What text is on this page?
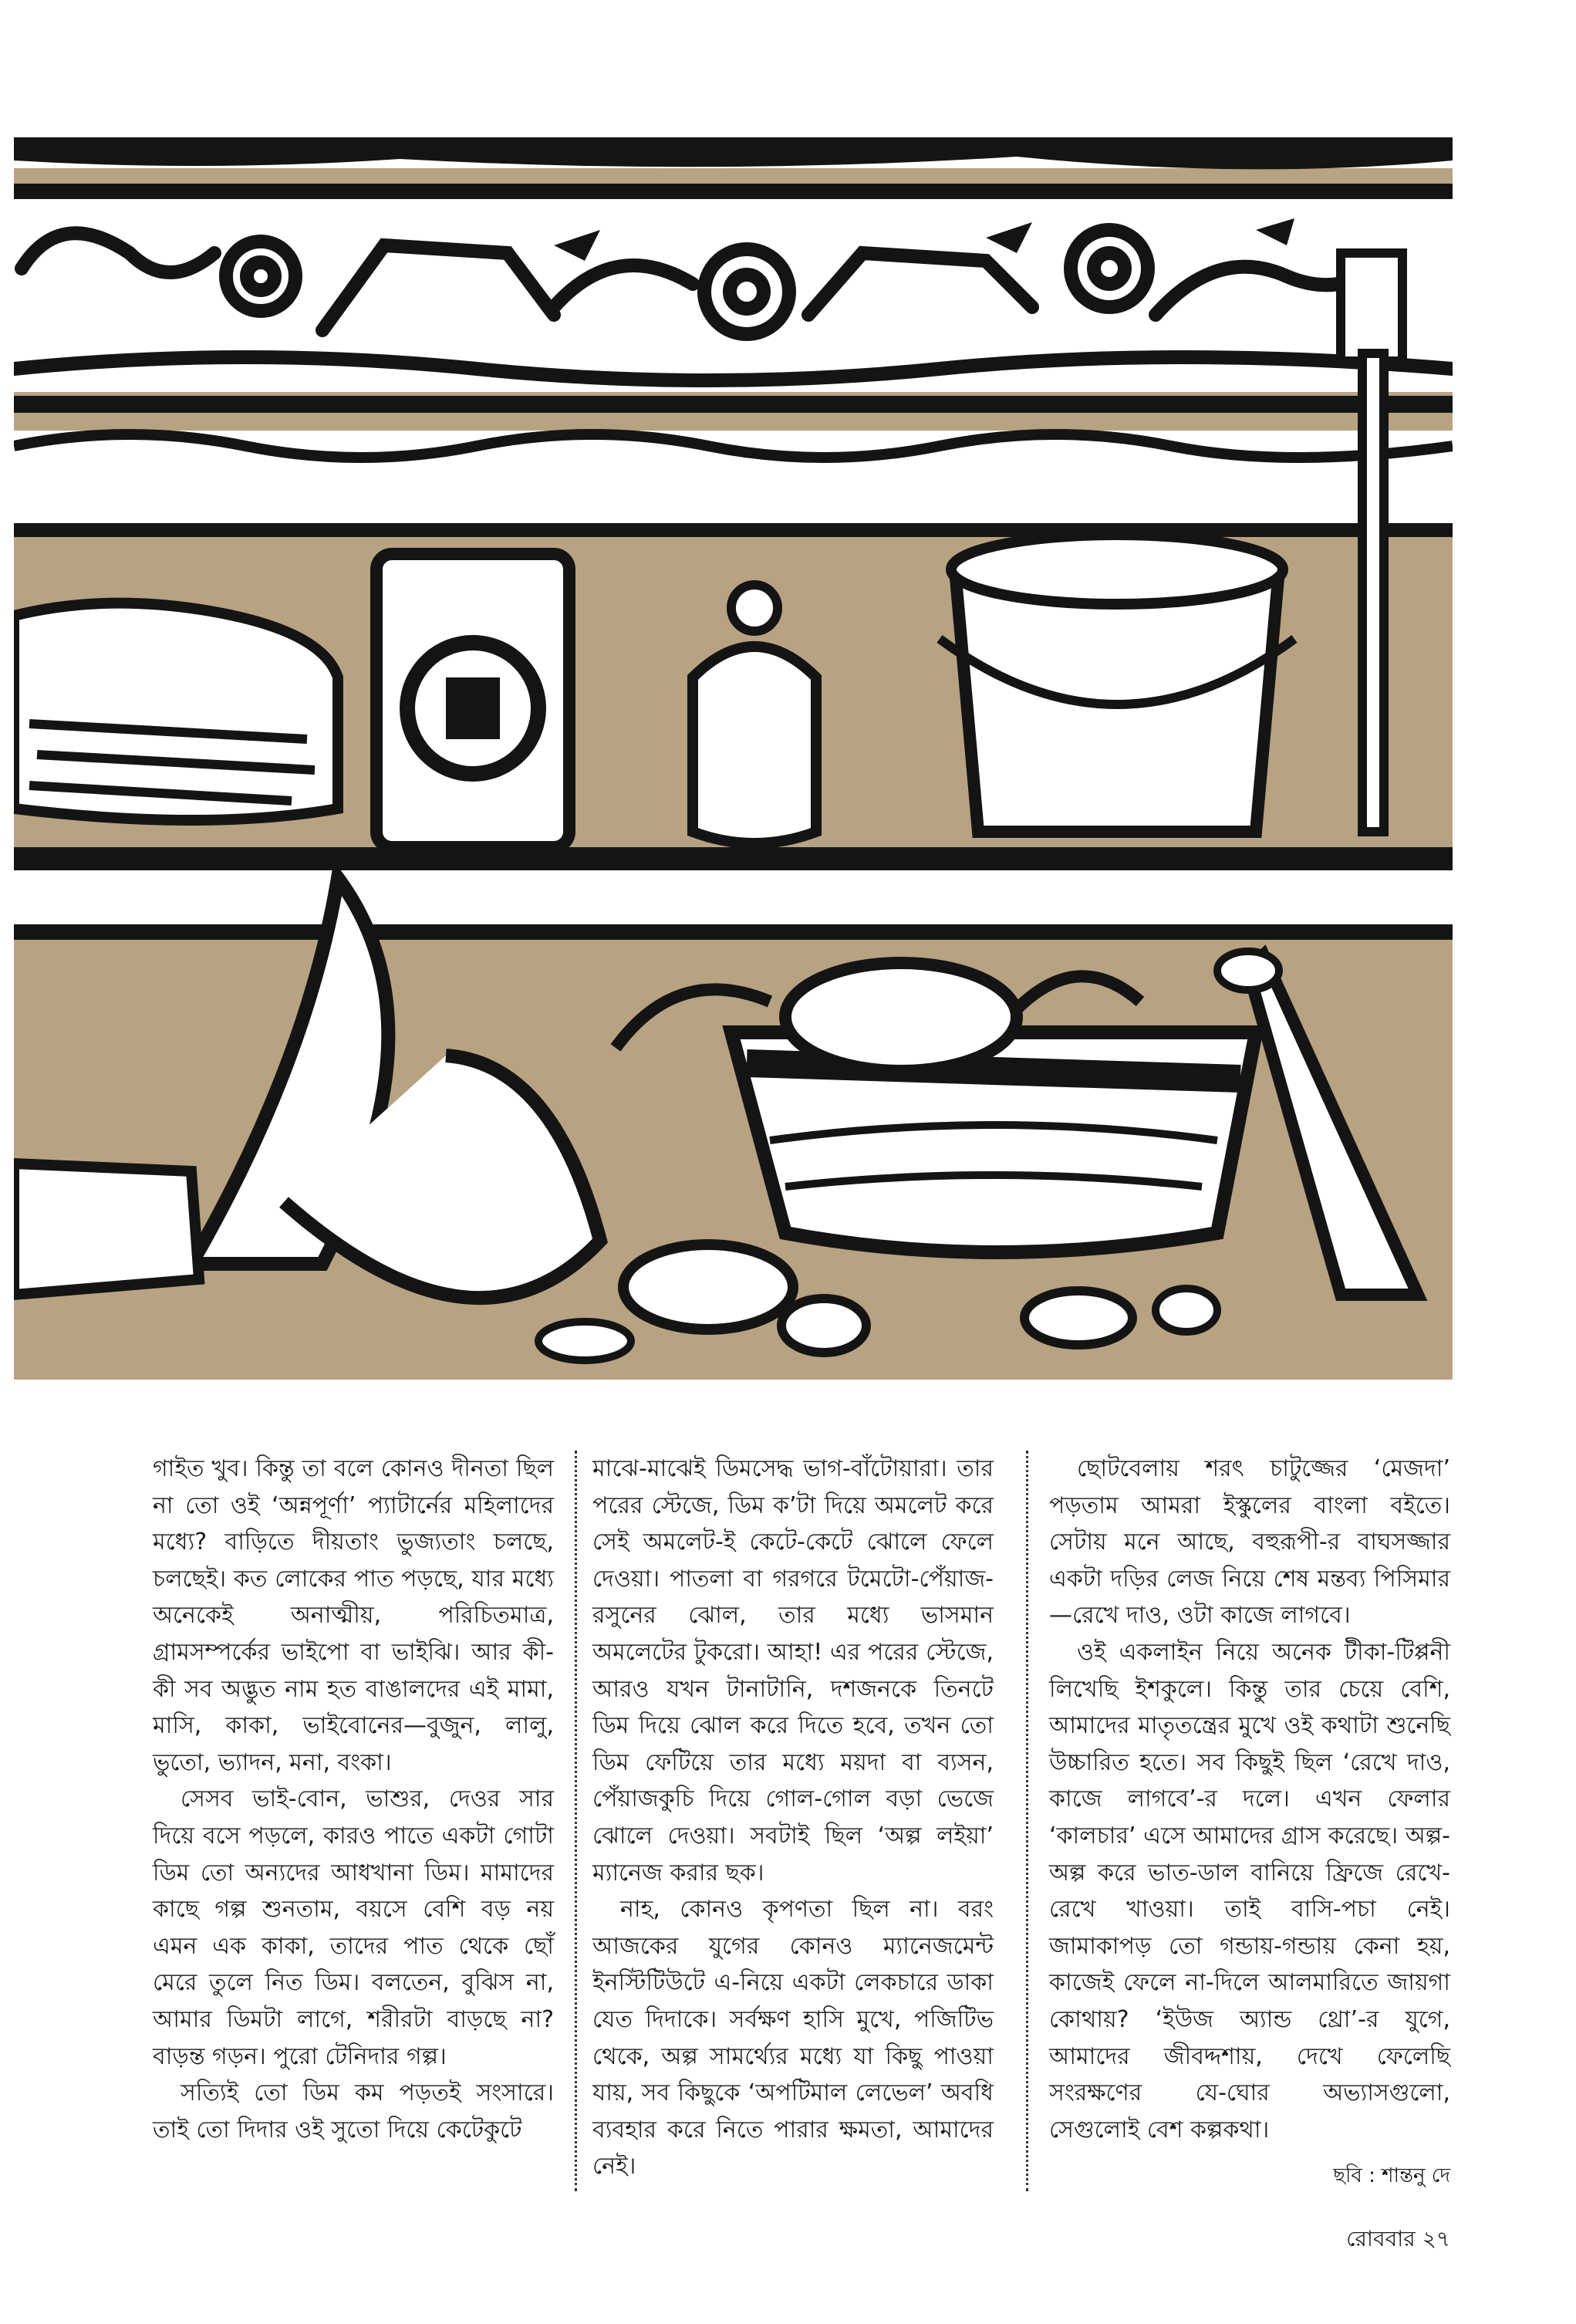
গাইত খুব। কিন্তু তা বলে কোনও দীনতা ছিল না তো ওই ‘অন্নপূর্ণা’ প্যাটার্নের মহিলাদের মধ্যে? বাড়িতে দীয়তাং ভুজ্যতাং চলছে, চলছেই। কত লোকের পাত পড়ছে, যার মধ্যে অনেকেই অনাত্মীয়, পরিচিতমাত্র, গ্রামসম্পর্কের ভাইপো বা ভাইঝি। আর কী-কী সব অদ্ভুত নাম হত বাঙালদের এই মামা, মাসি, কাকা, ভাইবোনের—বুজুন, লালু, ভুতো, ভ্যাদন, মনা, বংকা।

সেসব ভাই-বোন, ভাশুর, দেওর সার দিয়ে বসে পড়লে, কারও পাতে একটা গোটা ডিম তো অন্যদের আধখানা ডিম। মামাদের কাছে গল্প শুনতাম, বয়সে বেশি বড় নয় এমন এক কাকা, তাদের পাত থেকে ছোঁ মেরে তুলে নিত ডিম। বলতেন, বুঝিস না, আমার ডিমটা লাগে, শরীরটা বাড়ছে না? বাড়ন্ত গড়ন। পুরো টেনিদার গল্প।

সত্যিই তো ডিম কম পড়তই সংসারে। তাই তো দিদার ওই সুতো দিয়ে কেটেকুটে

মাঝে-মাঝেই ডিমসেদ্ধ ভাগ-বাঁটোয়ারা। তার পরের স্টেজে, ডিম ক’টা দিয়ে অমলেট করে সেই অমলেট-ই কেটে-কেটে ঝোলে ফেলে দেওয়া। পাতলা বা গরগরে টমেটো-পেঁয়াজ-রসুনের ঝোল, তার মধ্যে ভাসমান অমলেটের টুকরো। আহা! এর পরের স্টেজে, আরও যখন টানাটানি, দশজনকে তিনটে ডিম দিয়ে ঝোল করে দিতে হবে, তখন তো ডিম ফেটিয়ে তার মধ্যে ময়দা বা ব্যসন, পেঁয়াজকুচি দিয়ে গোল-গোল বড়া ভেজে ঝোলে দেওয়া। সবটাই ছিল ‘অল্প লইয়া’ ম্যানেজ করার ছক।

নাহ, কোনও কৃপণতা ছিল না। বরং আজকের যুগের কোনও ম্যানেজমেন্ট ইনস্টিটিউটে এ-নিয়ে একটা লেকচারে ডাকা যেত দিদাকে। সর্বক্ষণ হাসি মুখে, পজিটিভ থেকে, অল্প সামর্থ্যের মধ্যে যা কিছু পাওয়া যায়, সব কিছুকে ‘অপটিমাল লেভেল’ অবধি ব্যবহার করে নিতে পারার ক্ষমতা, আমাদের নেই।

ছোটবেলায় শরৎ চাটুজ্জের ‘মেজদা’ পড়তাম আমরা ইস্কুলের বাংলা বইতে। সেটায় মনে আছে, বহুরূপী-র বাঘসজ্জার একটা দড়ির লেজ নিয়ে শেষ মন্তব্য পিসিমার—রেখে দাও, ওটা কাজে লাগবে।

ওই একলাইন নিয়ে অনেক টীকা-টিপ্পনী লিখেছি ইশকুলে। কিন্তু তার চেয়ে বেশি, আমাদের মাতৃতন্ত্রের মুখে ওই কথাটা শুনেছি উচ্চারিত হতে। সব কিছুই ছিল ‘রেখে দাও, কাজে লাগবে’-র দলে। এখন ফেলার ‘কালচার’ এসে আমাদের গ্রাস করেছে। অল্প-অল্প করে ভাত-ডাল বানিয়ে ফ্রিজে রেখে-রেখে খাওয়া। তাই বাসি-পচা নেই। জামাকাপড় তো গন্ডায়-গন্ডায় কেনা হয়, কাজেই ফেলে না-দিলে আলমারিতে জায়গা কোথায়? ‘ইউজ অ্যান্ড থ্রো’-র যুগে, আমাদের জীবদ্দশায়, দেখে ফেলেছি সংরক্ষণের যে-ঘোর অভ্যাসগুলো, সেগুলোই বেশ কল্পকথা।

ছবি : শান্তনু দে
রোববার ২৭
